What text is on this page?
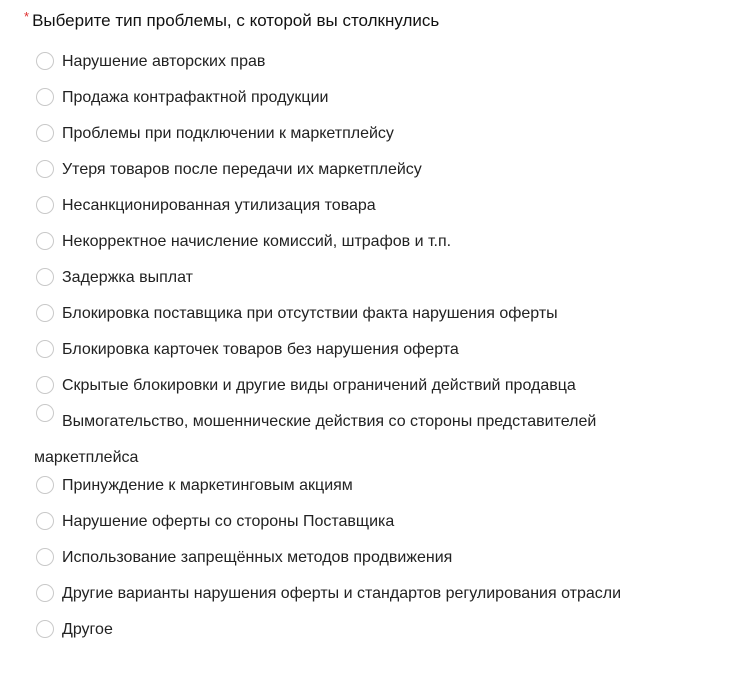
* Выберите тип проблемы, с которой вы столкнулись
Нарушение авторских прав
Продажа контрафактной продукции
Проблемы при подключении к маркетплейсу
Утеря товаров после передачи их маркетплейсу
Несанкционированная утилизация товара
Некорректное начисление комиссий, штрафов и т.п.
Задержка выплат
Блокировка поставщика при отсутствии факта нарушения оферты
Блокировка карточек товаров без нарушения оферта
Скрытые блокировки и другие виды ограничений действий продавца
Вымогательство, мошеннические действия со стороны представителей
маркетплейса
Принуждение к маркетинговым акциям
Нарушение оферты со стороны Поставщика
Использование запрещённых методов продвижения
Другие варианты нарушения оферты и стандартов регулирования отрасли
Другое
